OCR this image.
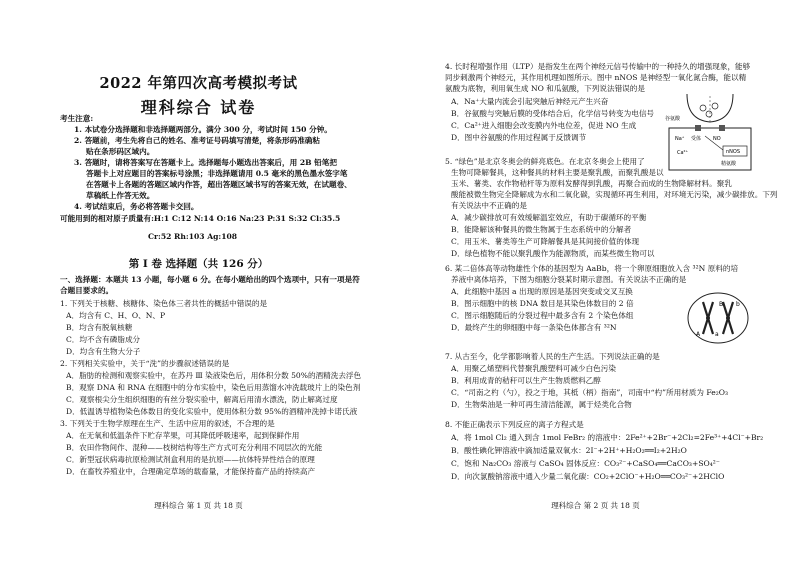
2022 年第四次高考模拟考试

理科综合 试卷

考生注意:

1. 本试卷分选择题和非选择题两部分。满分 300 分，考试时间 150 分钟。

2. 答题前，考生先将自己的姓名、准考证号码填写清楚，将条形码准确粘

贴在条形码区域内。

3. 答题时，请将答案写在答题卡上。选择题每小题选出答案后，用 2B 铅笔把

答题卡上对应题目的答案标号涂黑；非选择题请用 0.5 毫米的黑色墨水签字笔

在答题卡上各题的答题区域内作答，超出答题区域书写的答案无效，在试题卷、

草稿纸上作答无效。

4. 考试结束后，务必将答题卡交回。

可能用到的相对原子质量有:H:1 C:12 N:14 O:16 Na:23 P:31 S:32 Cl:35.5

Cr:52 Rh:103 Ag:108

第 Ⅰ 卷 选择题（共 126 分）

一、选择题：本题共 13 小题，每小题 6 分。在每小题给出的四个选项中，只有一项是符

合题目要求的。

1. 下列关于核糖、核糖体、染色体三者共性的概括中错误的是

A．均含有 C、H、O、N、P

B．均含有脱氧核糖

C．均不含有磷脂成分

D．均含有生物大分子

2. 下列相关实验中，关于“洗”的步骤叙述错误的是

A．脂肪的检测和观察实验中，在苏丹 Ⅲ 染液染色后，用体积分数 50%的酒精洗去浮色

B．观察 DNA 和 RNA 在细胞中的分布实验中，染色后用蒸馏水冲洗载玻片上的染色剂

C．观察根尖分生组织细胞的有丝分裂实验中，解离后用清水漂洗，防止解离过度

D．低温诱导植物染色体数目的变化实验中，使用体积分数 95%的酒精冲洗掉卡诺氏液

3. 下列关于生物学原理在生产、生活中应用的叙述，不合理的是

A．在无氧和低温条件下贮存苹果，可其降低呼吸速率，起到保鲜作用

B．农田作物间作、混种——枝树结构等生产方式可充分利用不同层次的光能

C．新型冠状病毒抗原检测试剂盒利用的是抗原——抗体特异性结合的原理

D．在畜牧养殖业中，合理确定草场的载畜量，才能保持畜产品的持续高产

理科综合 第 1 页 共 18 页

4. 长时程增强作用（LTP）是指发生在两个神经元信号传输中的一种持久的增强现象，能够

同步刺激两个神经元，其作用机理如图所示。图中 nNOS 是神经型一氧化氮合酶，能以精

氨酸为底物，利用氧生成 NO 和瓜氨酸，下列说法错误的是

A．Na⁺大量内流会引起突触后神经元产生兴奋

B．谷氨酸与突触后膜的受体结合后，化学信号转变为电信号

C．Ca²⁺进入细胞会改变膜内外电位差，促进 NO 生成

D．图中谷氨酸的作用过程属于反馈调节

谷氨酸
受体
Na⁺
Ca²⁺
NO
nNOS
精氨酸

5. “绿色”是北京冬奥会的鲜亮底色。在北京冬奥会上使用了

生物可降解餐具，这种餐具的材料主要是聚乳酸，而聚乳酸是以

玉米、薯类、农作物秸杆等为原料发酵得到乳酸，再聚合而成的生物降解材料。聚乳

酸能被微生物完全降解成为水和二氧化碳，实现循环再生利用，对环境无污染，减少碳排放。下列

有关说法中不正确的是

A．减少碳排放可有效缓解温室效应，有助于碳循环的平衡

B．能降解该种餐具的微生物属于生态系统中的分解者

C．用玉米、薯类等生产可降解餐具是其间接价值的体现

D．绿色植物不能以聚乳酸作为能源物质，而某些微生物可以

6. 某二倍体高等动物雄性个体的基因型为 AaBb，将一个卵原细胞放入含 ³²N 原料的培

养液中离体培养，下图为细胞分裂某时期示意图。有关说法不正确的是

A．此细胞中基因 a 出现的原因是基因突变或交叉互换

B．图示细胞中的核 DNA 数目是其染色体数目的 2 倍

C．图示细胞随后的分裂过程中最多含有 2 个染色体组

D．最终产生的卵细胞中每一条染色体都含有 ³²N

A a
B b

7. 从古至今，化学都影响着人民的生产生活。下列说法正确的是

A．用聚乙烯塑料代替聚乳酸塑料可减少白色污染

B．利用成青的秸秆可以生产生物质燃料乙醇

C．“司南之杓（勺），投之于地，其柢（柄）指南”，司南中“杓”所用材质为 Fe₂O₃

D．生物柴油是一种可再生清洁能源，属于烃类化合物

8. 不能正确表示下列反应的离子方程式是

A．将 1mol Cl₂ 通入到含 1mol FeBr₂ 的溶液中：2Fe²⁺+2Br⁻+2Cl₂=2Fe³⁺+4Cl⁻+Br₂

B．酸性碘化钾溶液中滴加适量双氧水：2I⁻+2H⁺+H₂O₂══I₂+2H₂O

C．饱和 Na₂CO₃ 溶液与 CaSO₄ 固体反应：CO₃²⁻+CaSO₄══CaCO₃+SO₄²⁻

D．向次氯酸钠溶液中通入少量二氧化碳：CO₂+2ClO⁻+H₂O══CO₃²⁻+2HClO

理科综合 第 2 页 共 18 页
